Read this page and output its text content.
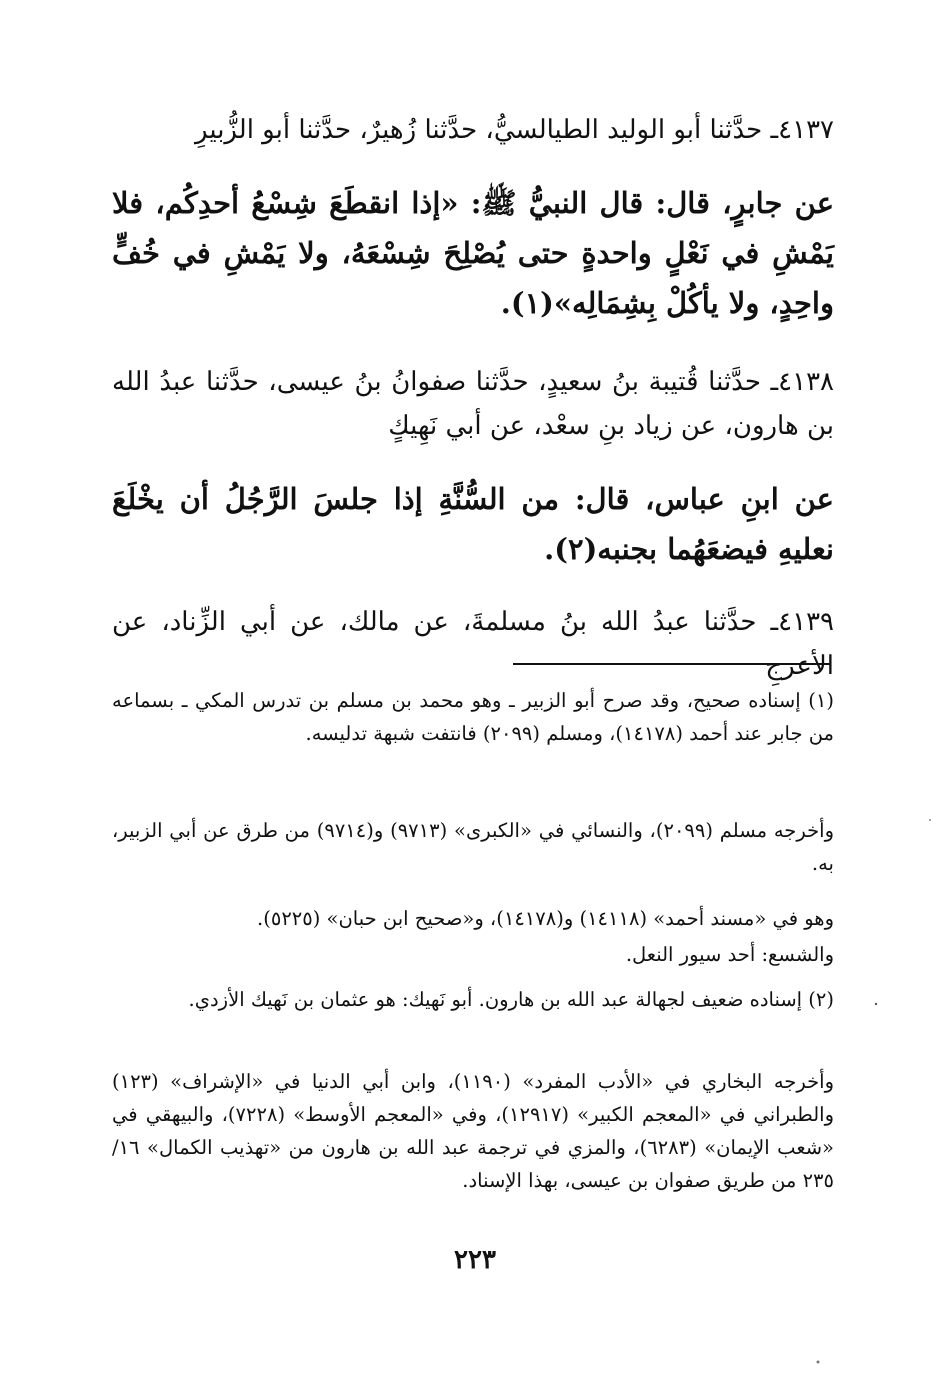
٤١٣٧ـ حدَّثنا أبو الوليد الطيالسيُّ، حدَّثنا زُهيرٌ، حدَّثنا أبو الزُّبيرِ

عن جابرٍ، قال: قال النبيُّ ﷺ: «إذا انقطَعَ شِسْعُ أحدِكُم، فلا يَمْشِ في نَعْلٍ واحدةٍ حتى يُصْلِحَ شِسْعَهُ، ولا يَمْشِ في خُفٍّ واحِدٍ، ولا يأكُلْ بِشِمَالِه»(١).

٤١٣٨ـ حدَّثنا قُتيبة بنُ سعيدٍ، حدَّثنا صفوانُ بنُ عيسى، حدَّثنا عبدُ الله بن هارون، عن زياد بنِ سعْد، عن أبي نَهِيكٍ

عن ابنِ عباس، قال: من السُّنَّةِ إذا جلسَ الرَّجُلُ أن يخْلَعَ نعليهِ فيضعَهُما بجنبه(٢).

٤١٣٩ـ حدَّثنا عبدُ الله بنُ مسلمةَ، عن مالك، عن أبي الزِّناد، عن الأعرجِ

(١) إسناده صحيح، وقد صرح أبو الزبير ـ وهو محمد بن مسلم بن تدرس المكي ـ بسماعه من جابر عند أحمد (١٤١٧٨)، ومسلم (٢٠٩٩) فانتفت شبهة تدليسه.

وأخرجه مسلم (٢٠٩٩)، والنسائي في «الكبرى» (٩٧١٣) و(٩٧١٤) من طرق عن أبي الزبير، به.

وهو في «مسند أحمد» (١٤١١٨) و(١٤١٧٨)، و«صحيح ابن حبان» (٥٢٢٥).

والشسع: أحد سيور النعل.

(٢) إسناده ضعيف لجهالة عبد الله بن هارون. أبو نَهيك: هو عثمان بن نَهيك الأزدي.

وأخرجه البخاري في «الأدب المفرد» (١١٩٠)، وابن أبي الدنيا في «الإشراف» (١٢٣) والطبراني في «المعجم الكبير» (١٢٩١٧)، وفي «المعجم الأوسط» (٧٢٢٨)، والبيهقي في «شعب الإيمان» (٦٢٨٣)، والمزي في ترجمة عبد الله بن هارون من «تهذيب الكمال» ١٦/ ٢٣٥ من طريق صفوان بن عيسى، بهذا الإسناد.

٢٢٣
